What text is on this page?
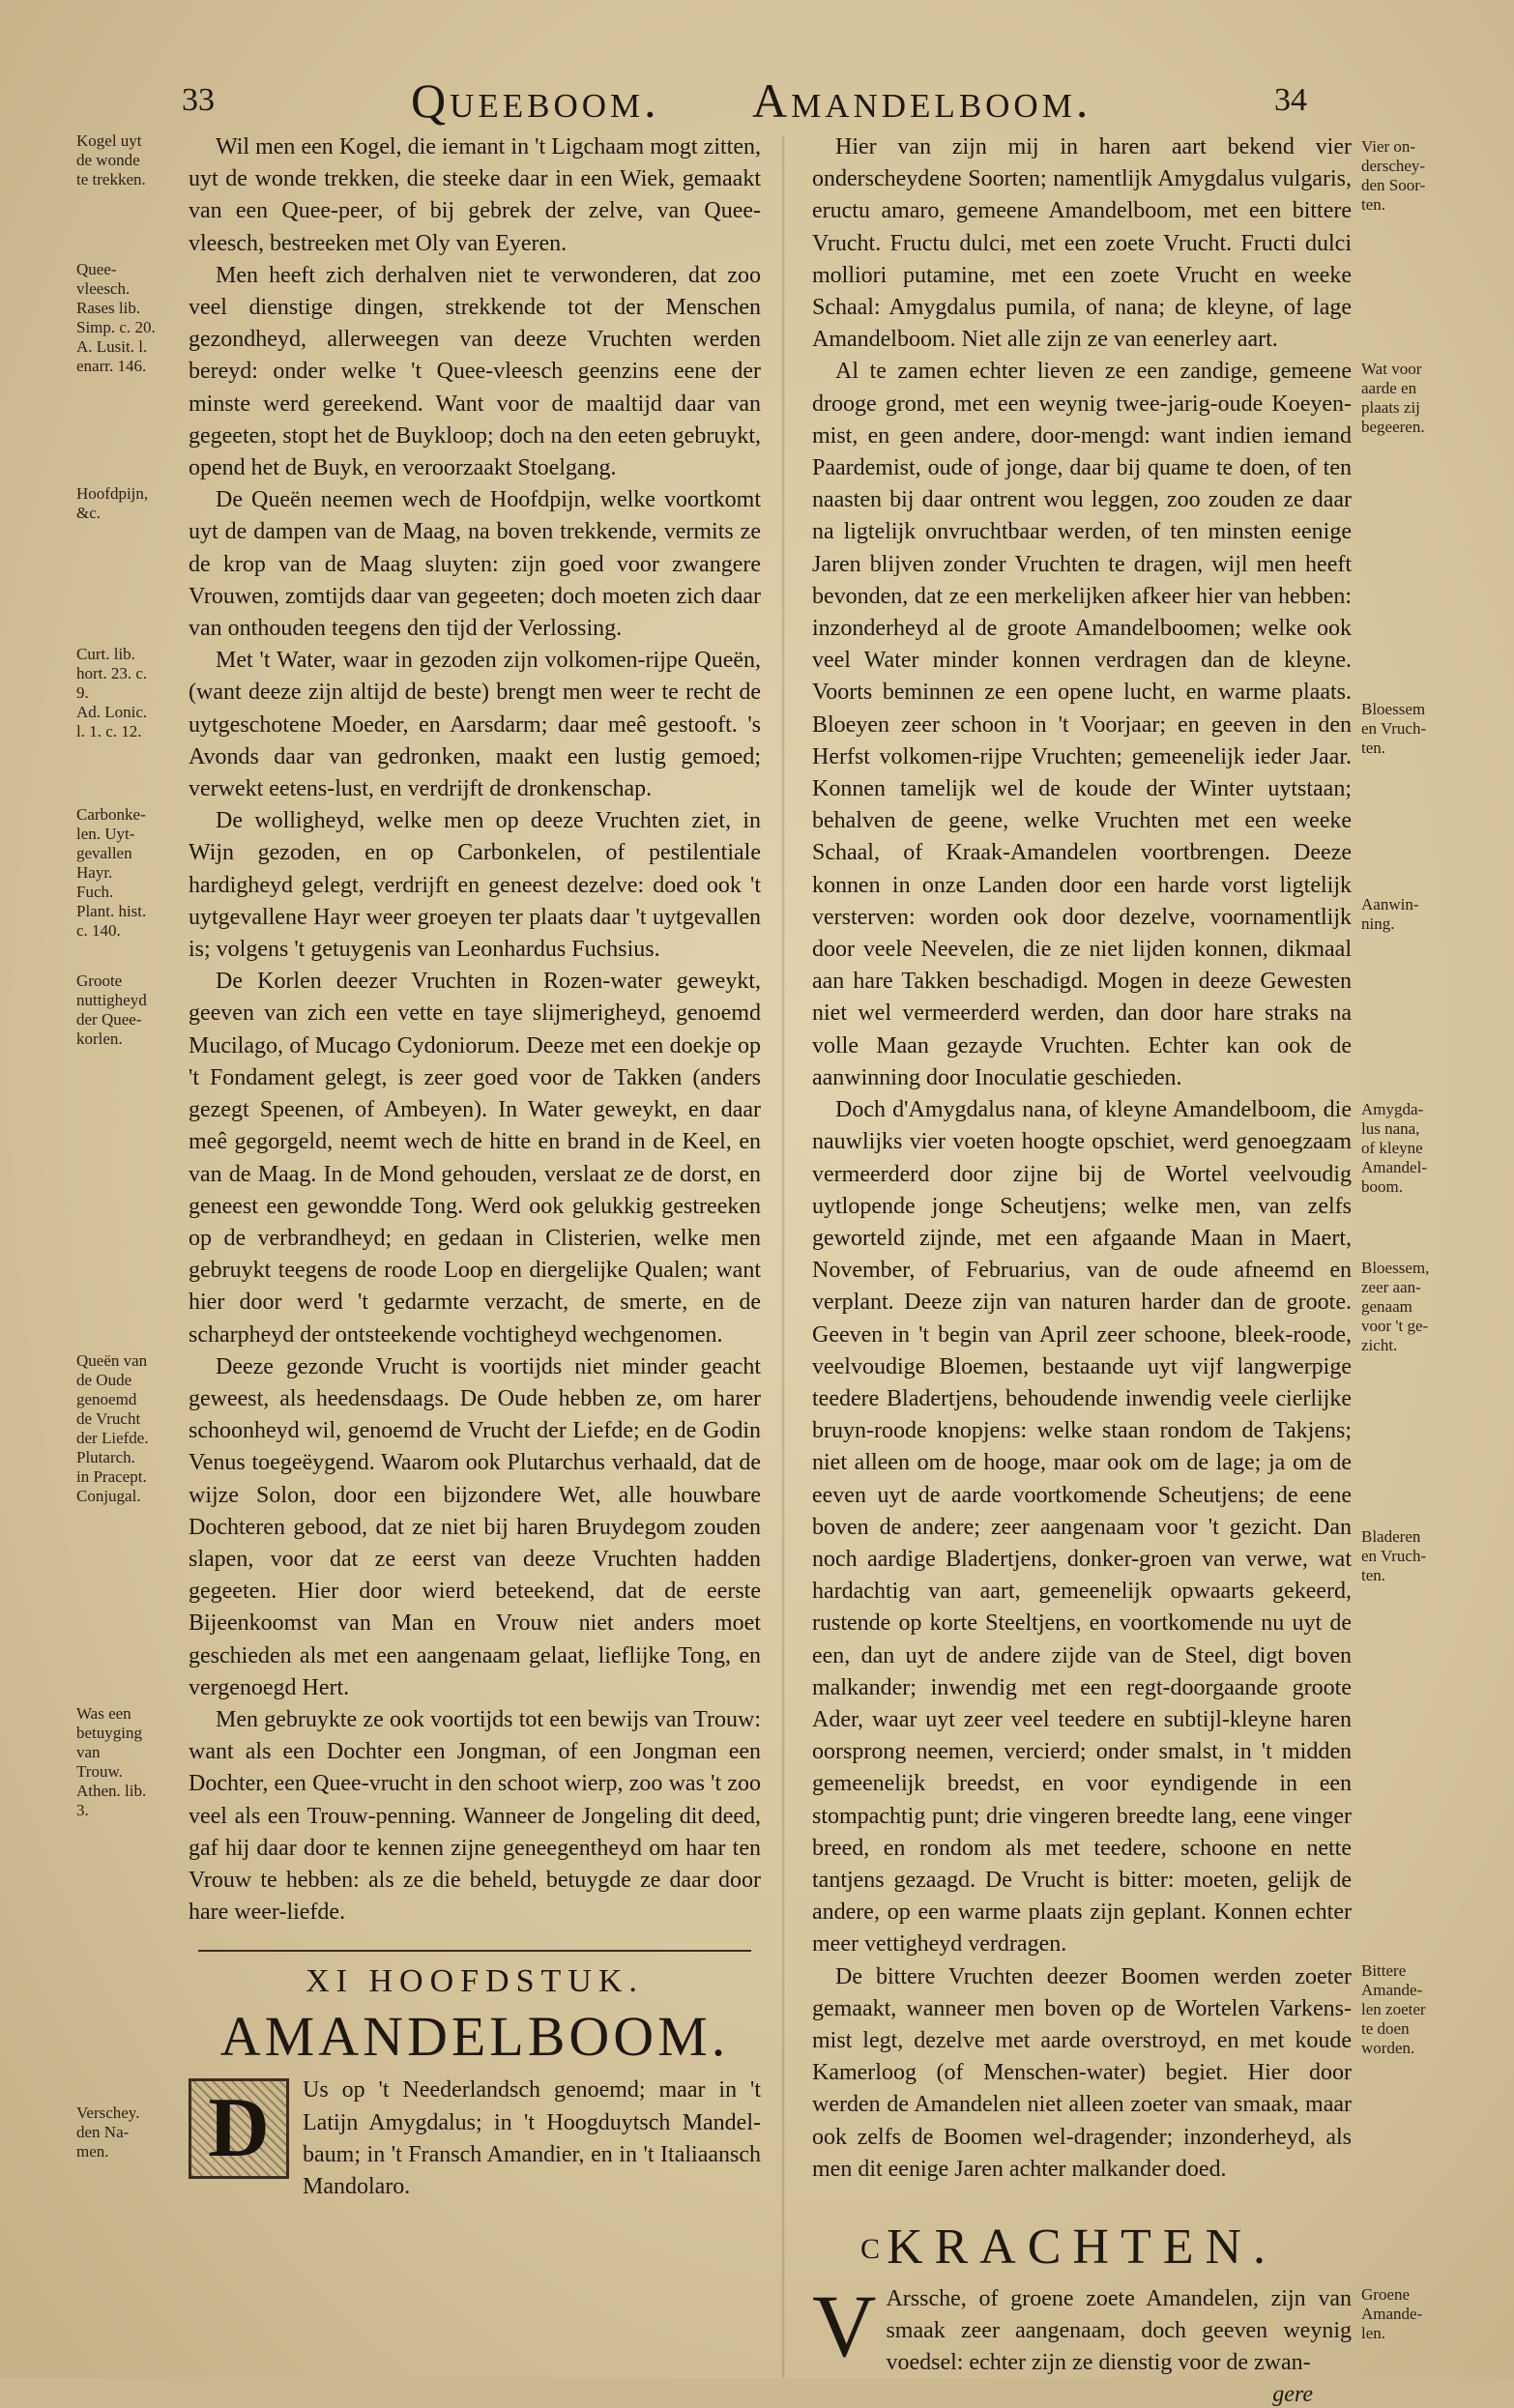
33	Queeboom. Amandelboom.	34
Kogel uyt
de wonde
te trekken.

Wil men een Kogel, die iemant in 't Ligchaam mogt zitten, uyt de wonde trekken, die steeke daar in een Wiek, gemaakt van een Quee-peer, of bij gebrek der zelve, van Quee-vleesch, bestreeken met Oly van Eyeren.

Quee-
vleesch.
Rases lib.
Simp. c. 20.
A. Lusit. l.
enarr. 146.

Men heeft zich derhalven niet te verwonderen, dat zoo veel dienstige dingen, strekkende tot der Menschen gezondheyd, allerweegen van deeze Vruchten werden bereyd: onder welke 't Quee-vleesch geenzins eene der minste werd gereekend. Want voor de maaltijd daar van gegeeten, stopt het de Buykloop; doch na den eeten gebruykt, opend het de Buyk, en veroorzaakt Stoelgang.

Hoofdpijn,
&c.

De Queën neemen wech de Hoofdpijn, welke voortkomt uyt de dampen van de Maag, na boven trekkende, vermits ze de krop van de Maag sluyten: zijn goed voor zwangere Vrouwen, zomtijds daar van gegeeten; doch moeten zich daar van onthouden teegens den tijd der Verlossing.

Curt. lib.
hort. 23. c.
9.
Ad. Lonic.
l. 1. c. 12.

Met 't Water, waar in gezoden zijn volkomen-rijpe Queën, (want deeze zijn altijd de beste) brengt men weer te recht de uytgeschotene Moeder, en Aarsdarm; daar meê gestooft. 's Avonds daar van gedronken, maakt een lustig gemoed; verwekt eetens-lust, en verdrijft de dronkenschap.

Carbonke-
len. Uyt-
gevallen
Hayr.
Fuch.
Plant. hist.
c. 140.

De wolligheyd, welke men op deeze Vruchten ziet, in Wijn gezoden, en op Carbonkelen, of pestilentiale hardigheyd gelegt, verdrijft en geneest dezelve: doed ook 't uytgevallene Hayr weer groeyen ter plaats daar 't uytgevallen is; volgens 't getuygenis van Leonhardus Fuchsius.

Groote
nuttigheyd
der Quee-
korlen.

De Korlen deezer Vruchten in Rozen-water geweykt, geeven van zich een vette en taye slijmerigheyd, genoemd Mucilago, of Mucago Cydoniorum. Deeze met een doekje op 't Fondament gelegt, is zeer goed voor de Takken (anders gezegt Speenen, of Ambeyen). In Water geweykt, en daar meê gegorgeld, neemt wech de hitte en brand in de Keel, en van de Maag. In de Mond gehouden, verslaat ze de dorst, en geneest een gewondde Tong. Werd ook gelukkig gestreeken op de verbrandheyd; en gedaan in Clisterien, welke men gebruykt teegens de roode Loop en diergelijke Qualen; want hier door werd 't gedarmte verzacht, de smerte, en de scharpheyd der ontsteekende vochtigheyd wechgenomen.

Queën van
de Oude
genoemd
de Vrucht
der Liefde.
Plutarch.
in Pracept.
Conjugal.

Deeze gezonde Vrucht is voortijds niet minder geacht geweest, als heedensdaags. De Oude hebben ze, om harer schoonheyd wil, genoemd de Vrucht der Liefde; en de Godin Venus toegeëygend. Waarom ook Plutarchus verhaald, dat de wijze Solon, door een bijzondere Wet, alle houwbare Dochteren gebood, dat ze niet bij haren Bruydegom zouden slapen, voor dat ze eerst van deeze Vruchten hadden gegeeten. Hier door wierd beteekend, dat de eerste Bijeenkoomst van Man en Vrouw niet anders moet geschieden als met een aangenaam gelaat, lieflijke Tong, en vergenoegd Hert.

Was een
betuyging
van
Trouw.
Athen. lib.
3.

Men gebruykte ze ook voortijds tot een bewijs van Trouw: want als een Dochter een Jongman, of een Jongman een Dochter, een Quee-vrucht in den schoot wierp, zoo was 't zoo veel als een Trouw-penning. Wanneer de Jongeling dit deed, gaf hij daar door te kennen zijne geneegentheyd om haar ten Vrouw te hebben: als ze die beheld, betuygde ze daar door hare weer-liefde.

XI HOOFDSTUK.
AMANDELBOOM.
Verschey.
den Na-
men.	D	Us op 't Neederlandsch genoemd; maar in 't Latijn Amygdalus; in 't Hoogduytsch Mandel-baum; in 't Fransch Amandier, en in 't Italiaansch Mandolaro.

Vier on-
derschey-
den Soor-
ten.

Hier van zijn mij in haren aart bekend vier onderscheydene Soorten; namentlijk Amygdalus vulgaris, eructu amaro, gemeene Amandelboom, met een bittere Vrucht. Fructu dulci, met een zoete Vrucht. Fructi dulci molliori putamine, met een zoete Vrucht en weeke Schaal: Amygdalus pumila, of nana; de kleyne, of lage Amandelboom. Niet alle zijn ze van eenerley aart.

Wat voor
aarde en
plaats zij
begeeren.
Bloessem
en Vruch-
ten.
Aanwin-
ning.

Al te zamen echter lieven ze een zandige, gemeene drooge grond, met een weynig twee-jarig-oude Koeyen-mist, en geen andere, door-mengd: want indien iemand Paardemist, oude of jonge, daar bij quame te doen, of ten naasten bij daar ontrent wou leggen, zoo zouden ze daar na ligtelijk onvruchtbaar werden, of ten minsten eenige Jaren blijven zonder Vruchten te dragen, wijl men heeft bevonden, dat ze een merkelijken afkeer hier van hebben: inzonderheyd al de groote Amandelboomen; welke ook veel Water minder konnen verdragen dan de kleyne. Voorts beminnen ze een opene lucht, en warme plaats. Bloeyen zeer schoon in 't Voorjaar; en geeven in den Herfst volkomen-rijpe Vruchten; gemeenelijk ieder Jaar. Konnen tamelijk wel de koude der Winter uytstaan; behalven de geene, welke Vruchten met een weeke Schaal, of Kraak-Amandelen voortbrengen. Deeze konnen in onze Landen door een harde vorst ligtelijk versterven: worden ook door dezelve, voornamentlijk door veele Neevelen, die ze niet lijden konnen, dikmaal aan hare Takken beschadigd. Mogen in deeze Gewesten niet wel vermeerderd werden, dan door hare straks na volle Maan gezayde Vruchten. Echter kan ook de aanwinning door Inoculatie geschieden.

Amygda-
lus nana,
of kleyne
Amandel-
boom.
Bloessem,
zeer aan-
genaam
voor 't ge-
zicht.
Bladeren
en Vruch-
ten.

Doch d'Amygdalus nana, of kleyne Amandelboom, die nauwlijks vier voeten hoogte opschiet, werd genoegzaam vermeerderd door zijne bij de Wortel veelvoudig uytlopende jonge Scheutjens; welke men, van zelfs geworteld zijnde, met een afgaande Maan in Maert, November, of Februarius, van de oude afneemd en verplant. Deeze zijn van naturen harder dan de groote. Geeven in 't begin van April zeer schoone, bleek-roode, veelvoudige Bloemen, bestaande uyt vijf langwerpige teedere Bladertjens, behoudende inwendig veele cierlijke bruyn-roode knopjens: welke staan rondom de Takjens; niet alleen om de hooge, maar ook om de lage; ja om de eeven uyt de aarde voortkomende Scheutjens; de eene boven de andere; zeer aangenaam voor 't gezicht. Dan noch aardige Bladertjens, donker-groen van verwe, wat hardachtig van aart, gemeenelijk opwaarts gekeerd, rustende op korte Steeltjens, en voortkomende nu uyt de een, dan uyt de andere zijde van de Steel, digt boven malkander; inwendig met een regt-doorgaande groote Ader, waar uyt zeer veel teedere en subtijl-kleyne haren oorsprong neemen, vercierd; onder smalst, in 't midden gemeenelijk breedst, en voor eyndigende in een stompachtig punt; drie vingeren breedte lang, eene vinger breed, en rondom als met teedere, schoone en nette tantjens gezaagd. De Vrucht is bitter: moeten, gelijk de andere, op een warme plaats zijn geplant. Konnen echter meer vettigheyd verdragen.

Bittere
Amande-
len zoeter
te doen
worden.

De bittere Vruchten deezer Boomen werden zoeter gemaakt, wanneer men boven op de Wortelen Varkens-mist legt, dezelve met aarde overstroyd, en met koude Kamerloog (of Menschen-water) begiet. Hier door werden de Amandelen niet alleen zoeter van smaak, maar ook zelfs de Boomen wel-dragender; inzonderheyd, als men dit eenige Jaren achter malkander doed.

KRACHTEN.
Groene
Amande-
len.
V Arssche, of groene zoete Amandelen, zijn van smaak zeer aangenaam, doch geeven weynig voedsel: echter zijn ze dienstig voor de zwan-

gere
C
